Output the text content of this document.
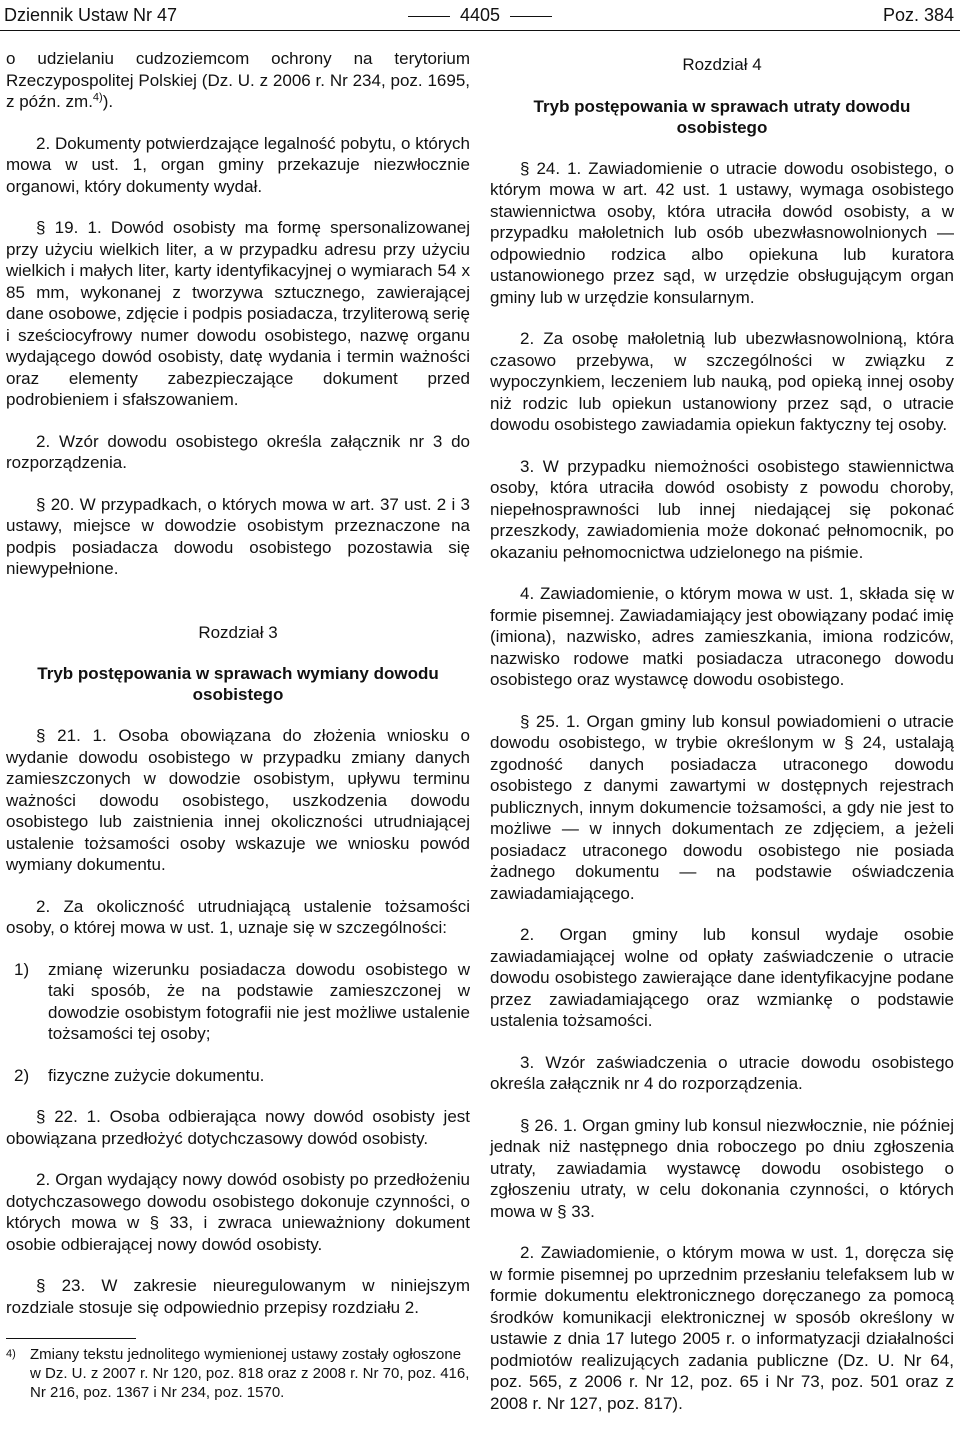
Dziennik Ustaw Nr 47	4405	Poz. 384

o udzielaniu cudzoziemcom ochrony na terytorium Rzeczypospolitej Polskiej (Dz. U. z 2006 r. Nr 234, poz. 1695, z późn. zm.$^{4)}$).

2. Dokumenty potwierdzające legalność pobytu, o których mowa w ust. 1, organ gminy przekazuje niezwłocznie organowi, który dokumenty wydał.

§ 19. 1. Dowód osobisty ma formę spersonalizowanej przy użyciu wielkich liter, a w przypadku adresu przy użyciu wielkich i małych liter, karty identyfikacyjnej o wymiarach 54 x 85 mm, wykonanej z tworzywa sztucznego, zawierającej dane osobowe, zdjęcie i podpis posiadacza, trzyliterową serię i sześciocyfrowy numer dowodu osobistego, nazwę organu wydającego dowód osobisty, datę wydania i termin ważności oraz elementy zabezpieczające dokument przed podrobieniem i sfałszowaniem.

2. Wzór dowodu osobistego określa załącznik nr 3 do rozporządzenia.

§ 20. W przypadkach, o których mowa w art. 37 ust. 2 i 3 ustawy, miejsce w dowodzie osobistym przeznaczone na podpis posiadacza dowodu osobistego pozostawia się niewypełnione.

Rozdział 3
Tryb postępowania w sprawach wymiany dowodu osobistego

§ 21. 1. Osoba obowiązana do złożenia wniosku o wydanie dowodu osobistego w przypadku zmiany danych zamieszczonych w dowodzie osobistym, upływu terminu ważności dowodu osobistego, uszkodzenia dowodu osobistego lub zaistnienia innej okoliczności utrudniającej ustalenie tożsamości osoby wskazuje we wniosku powód wymiany dokumentu.

2. Za okoliczność utrudniającą ustalenie tożsamości osoby, o której mowa w ust. 1, uznaje się w szczególności:

1)	zmianę wizerunku posiadacza dowodu osobistego w taki sposób, że na podstawie zamieszczonej w dowodzie osobistym fotografii nie jest możliwe ustalenie tożsamości tej osoby;
2)	fizyczne zużycie dokumentu.

§ 22. 1. Osoba odbierająca nowy dowód osobisty jest obowiązana przedłożyć dotychczasowy dowód osobisty.

2. Organ wydający nowy dowód osobisty po przedłożeniu dotychczasowego dowodu osobistego dokonuje czynności, o których mowa w § 33, i zwraca unieważniony dokument osobie odbierającej nowy dowód osobisty.

§ 23. W zakresie nieuregulowanym w niniejszym rozdziale stosuje się odpowiednio przepisy rozdziału 2.

4) Zmiany tekstu jednolitego wymienionej ustawy zostały ogłoszone w Dz. U. z 2007 r. Nr 120, poz. 818 oraz z 2008 r. Nr 70, poz. 416, Nr 216, poz. 1367 i Nr 234, poz. 1570.
Rozdział 4
Tryb postępowania w sprawach utraty dowodu osobistego

§ 24. 1. Zawiadomienie o utracie dowodu osobistego, o którym mowa w art. 42 ust. 1 ustawy, wymaga osobistego stawiennictwa osoby, która utraciła dowód osobisty, a w przypadku małoletnich lub osób ubezwłasnowolnionych — odpowiednio rodzica albo opiekuna lub kuratora ustanowionego przez sąd, w urzędzie obsługującym organ gminy lub w urzędzie konsularnym.

2. Za osobę małoletnią lub ubezwłasnowolnioną, która czasowo przebywa, w szczególności w związku z wypoczynkiem, leczeniem lub nauką, pod opieką innej osoby niż rodzic lub opiekun ustanowiony przez sąd, o utracie dowodu osobistego zawiadamia opiekun faktyczny tej osoby.

3. W przypadku niemożności osobistego stawiennictwa osoby, która utraciła dowód osobisty z powodu choroby, niepełnosprawności lub innej niedającej się pokonać przeszkody, zawiadomienia może dokonać pełnomocnik, po okazaniu pełnomocnictwa udzielonego na piśmie.

4. Zawiadomienie, o którym mowa w ust. 1, składa się w formie pisemnej. Zawiadamiający jest obowiązany podać imię (imiona), nazwisko, adres zamieszkania, imiona rodziców, nazwisko rodowe matki posiadacza utraconego dowodu osobistego oraz wystawcę dowodu osobistego.

§ 25. 1. Organ gminy lub konsul powiadomieni o utracie dowodu osobistego, w trybie określonym w § 24, ustalają zgodność danych posiadacza utraconego dowodu osobistego z danymi zawartymi w dostępnych rejestrach publicznych, innym dokumencie tożsamości, a gdy nie jest to możliwe — w innych dokumentach ze zdjęciem, a jeżeli posiadacz utraconego dowodu osobistego nie posiada żadnego dokumentu — na podstawie oświadczenia zawiadamiającego.

2. Organ gminy lub konsul wydaje osobie zawiadamiającej wolne od opłaty zaświadczenie o utracie dowodu osobistego zawierające dane identyfikacyjne podane przez zawiadamiającego oraz wzmiankę o podstawie ustalenia tożsamości.

3. Wzór zaświadczenia o utracie dowodu osobistego określa załącznik nr 4 do rozporządzenia.

§ 26. 1. Organ gminy lub konsul niezwłocznie, nie później jednak niż następnego dnia roboczego po dniu zgłoszenia utraty, zawiadamia wystawcę dowodu osobistego o zgłoszeniu utraty, w celu dokonania czynności, o których mowa w § 33.

2. Zawiadomienie, o którym mowa w ust. 1, doręcza się w formie pisemnej po uprzednim przesłaniu telefaksem lub w formie dokumentu elektronicznego doręczanego za pomocą środków komunikacji elektronicznej w sposób określony w ustawie z dnia 17 lutego 2005 r. o informatyzacji działalności podmiotów realizujących zadania publiczne (Dz. U. Nr 64, poz. 565, z 2006 r. Nr 12, poz. 65 i Nr 73, poz. 501 oraz z 2008 r. Nr 127, poz. 817).
